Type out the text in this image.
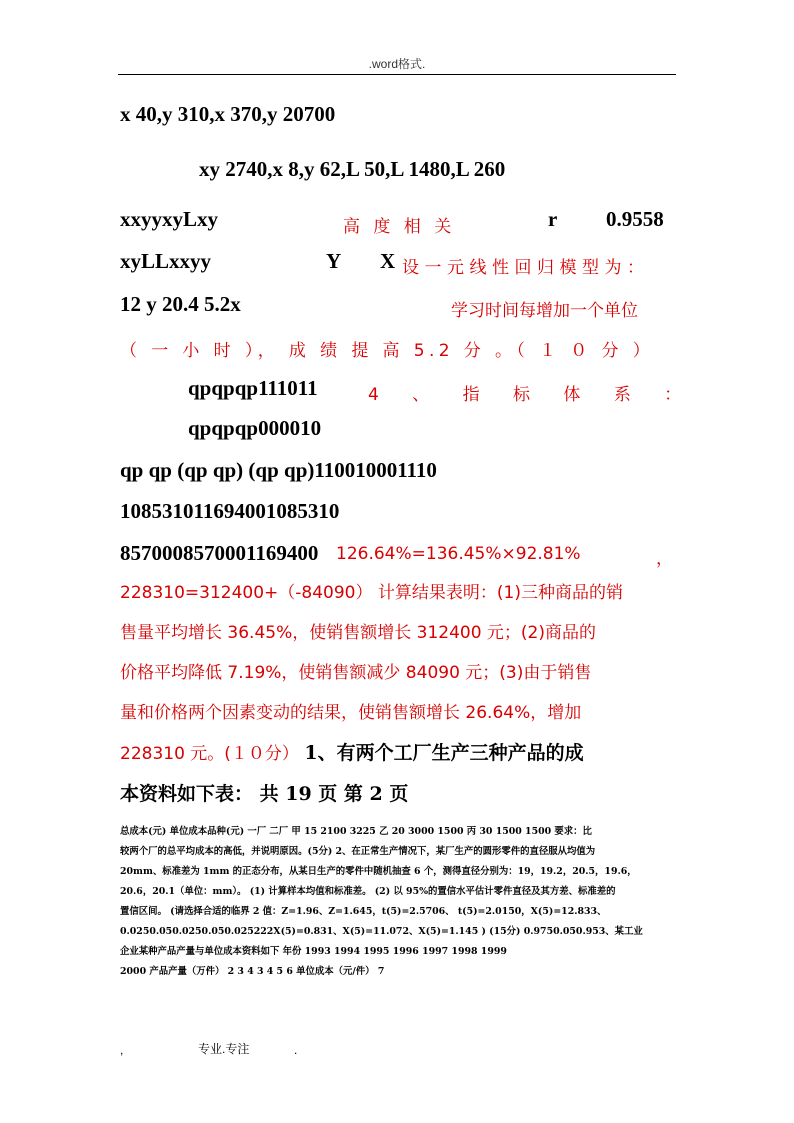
.word格式.
x 40,y 310,x 370,y 20700
xy 2740,x 8,y 62,L 50,L 1480,L 260
xxyyxyLxy	高 度 相 关	r 0.9558
xyLLxxyy	Y X 设一元线性回归模型为：
12 y 20.4 5.2x	学习时间每增加一个单位
（ 一 小 时 ）， 成 绩 提 高 5.2 分 。（ １ ０ 分 ）
qpqpqp111011	4 、 指 标 体 系 ：
qpqpqp000010
qp qp (qp qp) (qp qp)110010001110
108531011694001085310
8570008570001169400 126.64%=136.45%×92.81%	，
228310=312400+（-84090） 计算结果表明：(1)三种商品的销
售量平均增长 36.45%，使销售额增长 312400 元；(2)商品的
价格平均降低 7.19%，使销售额减少 84090 元；(3)由于销售
量和价格两个因素变动的结果，使销售额增长 26.64%，增加
228310 元。(１０分） 1、有两个工厂生产三种产品的成
本资料如下表： 共 19 页 第 2 页
总成本(元) 单位成本品种(元) 一厂 二厂 甲 15 2100 3225 乙 20 3000 1500 丙 30 1500 1500 要求：比
较两个厂的总平均成本的高低，并说明原因。(5分) 2、在正常生产情况下，某厂生产的圆形零件的直径服从均值为
20mm、标准差为 1mm 的正态分布，从某日生产的零件中随机抽查 6 个，测得直径分别为：19，19.2，20.5，19.6，
20.6，20.1（单位：mm）。 (1) 计算样本均值和标准差。 (2) 以 95%的置信水平估计零件直径及其方差、标准差的
置信区间。 (请选择合适的临界 2 值：Z=1.96、Z=1.645，t(5)=2.5706、 t(5)=2.0150，X(5)=12.833、
0.0250.050.0250.050.025222X(5)=0.831、X(5)=11.072、X(5)=1.145 ) (15分) 0.9750.050.953、某工业
企业某种产品产量与单位成本资料如下 年份 1993 1994 1995 1996 1997 1998 1999
2000 产品产量（万件） 2 3 4 3 4 5 6 单位成本（元/件） 7
,	专业.专注	.
